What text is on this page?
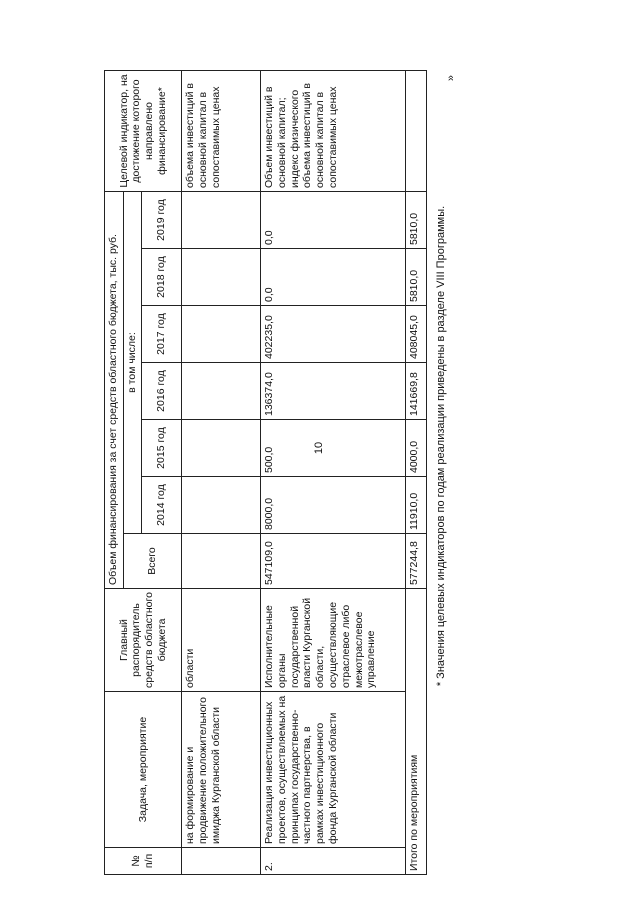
10
»
* Значения целевых индикаторов по годам реализации приведены в разделе VIII Программы.
№ п/п	Задача, мероприятие	Главный распорядитель средств областного бюджета	Объем финансирования за счет средств областного бюджета, тыс. руб.							Целевой индикатор, на достижение которого направлено финансирование*
			Всего	в том числе:						
				2014 год	2015 год	2016 год	2017 год	2018 год	2019 год	
	на формирование и продвижение положительного имиджа Курганской области	области								объема инвестиций в основной капитал в сопоставимых ценах
2.	Реализация инвестиционных проектов, осуществляемых на принципах государственно-частного партнерства, в рамках инвестиционного фонда Курганской области	Исполнительные органы государственной власти Курганской области, осуществляющие отраслевое либо межотраслевое управление	547109,0	8000,0	500,0	136374,0	402235,0	0,0	0,0	Объем инвестиций в основной капитал; индекс физического объема инвестиций в основной капитал в сопоставимых ценах
Итого по мероприятиям			577244,8	11910,0	4000,0	141669,8	408045,0	5810,0	5810,0	
